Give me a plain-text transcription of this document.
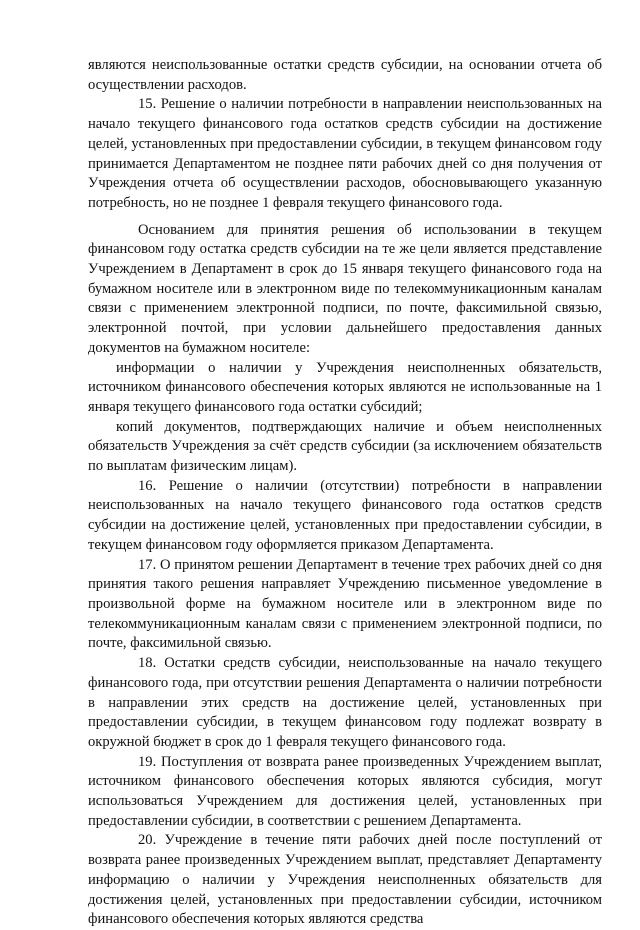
являются неиспользованные остатки средств субсидии, на основании отчета об осуществлении расходов.

15. Решение о наличии потребности в направлении неиспользованных на начало текущего финансового года остатков средств субсидии на достижение целей, установленных при предоставлении субсидии, в текущем финансовом году принимается Департаментом не позднее пяти рабочих дней со дня получения от Учреждения отчета об осуществлении расходов, обосновывающего указанную потребность, но не позднее 1 февраля текущего финансового года.

Основанием для принятия решения об использовании в текущем финансовом году остатка средств субсидии на те же цели является представление Учреждением в Департамент в срок до 15 января текущего финансового года на бумажном носителе или в электронном виде по телекоммуникационным каналам связи с применением электронной подписи, по почте, факсимильной связью, электронной почтой, при условии дальнейшего предоставления данных документов на бумажном носителе:

информации о наличии у Учреждения неисполненных обязательств, источником финансового обеспечения которых являются не использованные на 1 января текущего финансового года остатки субсидий;

копий документов, подтверждающих наличие и объем неисполненных обязательств Учреждения за счёт средств субсидии (за исключением обязательств по выплатам физическим лицам).

16. Решение о наличии (отсутствии) потребности в направлении неиспользованных на начало текущего финансового года остатков средств субсидии на достижение целей, установленных при предоставлении субсидии, в текущем финансовом году оформляется приказом Департамента.

17. О принятом решении Департамент в течение трех рабочих дней со дня принятия такого решения направляет Учреждению письменное уведомление в произвольной форме на бумажном носителе или в электронном виде по телекоммуникационным каналам связи с применением электронной подписи, по почте, факсимильной связью.

18. Остатки средств субсидии, неиспользованные на начало текущего финансового года, при отсутствии решения Департамента о наличии потребности в направлении этих средств на достижение целей, установленных при предоставлении субсидии, в текущем финансовом году подлежат возврату в окружной бюджет в срок до 1 февраля текущего финансового года.

19. Поступления от возврата ранее произведенных Учреждением выплат, источником финансового обеспечения которых являются субсидия, могут использоваться Учреждением для достижения целей, установленных при предоставлении субсидии, в соответствии с решением Департамента.

20. Учреждение в течение пяти рабочих дней после поступлений от возврата ранее произведенных Учреждением выплат, представляет Департаменту информацию о наличии у Учреждения неисполненных обязательств для достижения целей, установленных при предоставлении субсидии, источником финансового обеспечения которых являются средства
